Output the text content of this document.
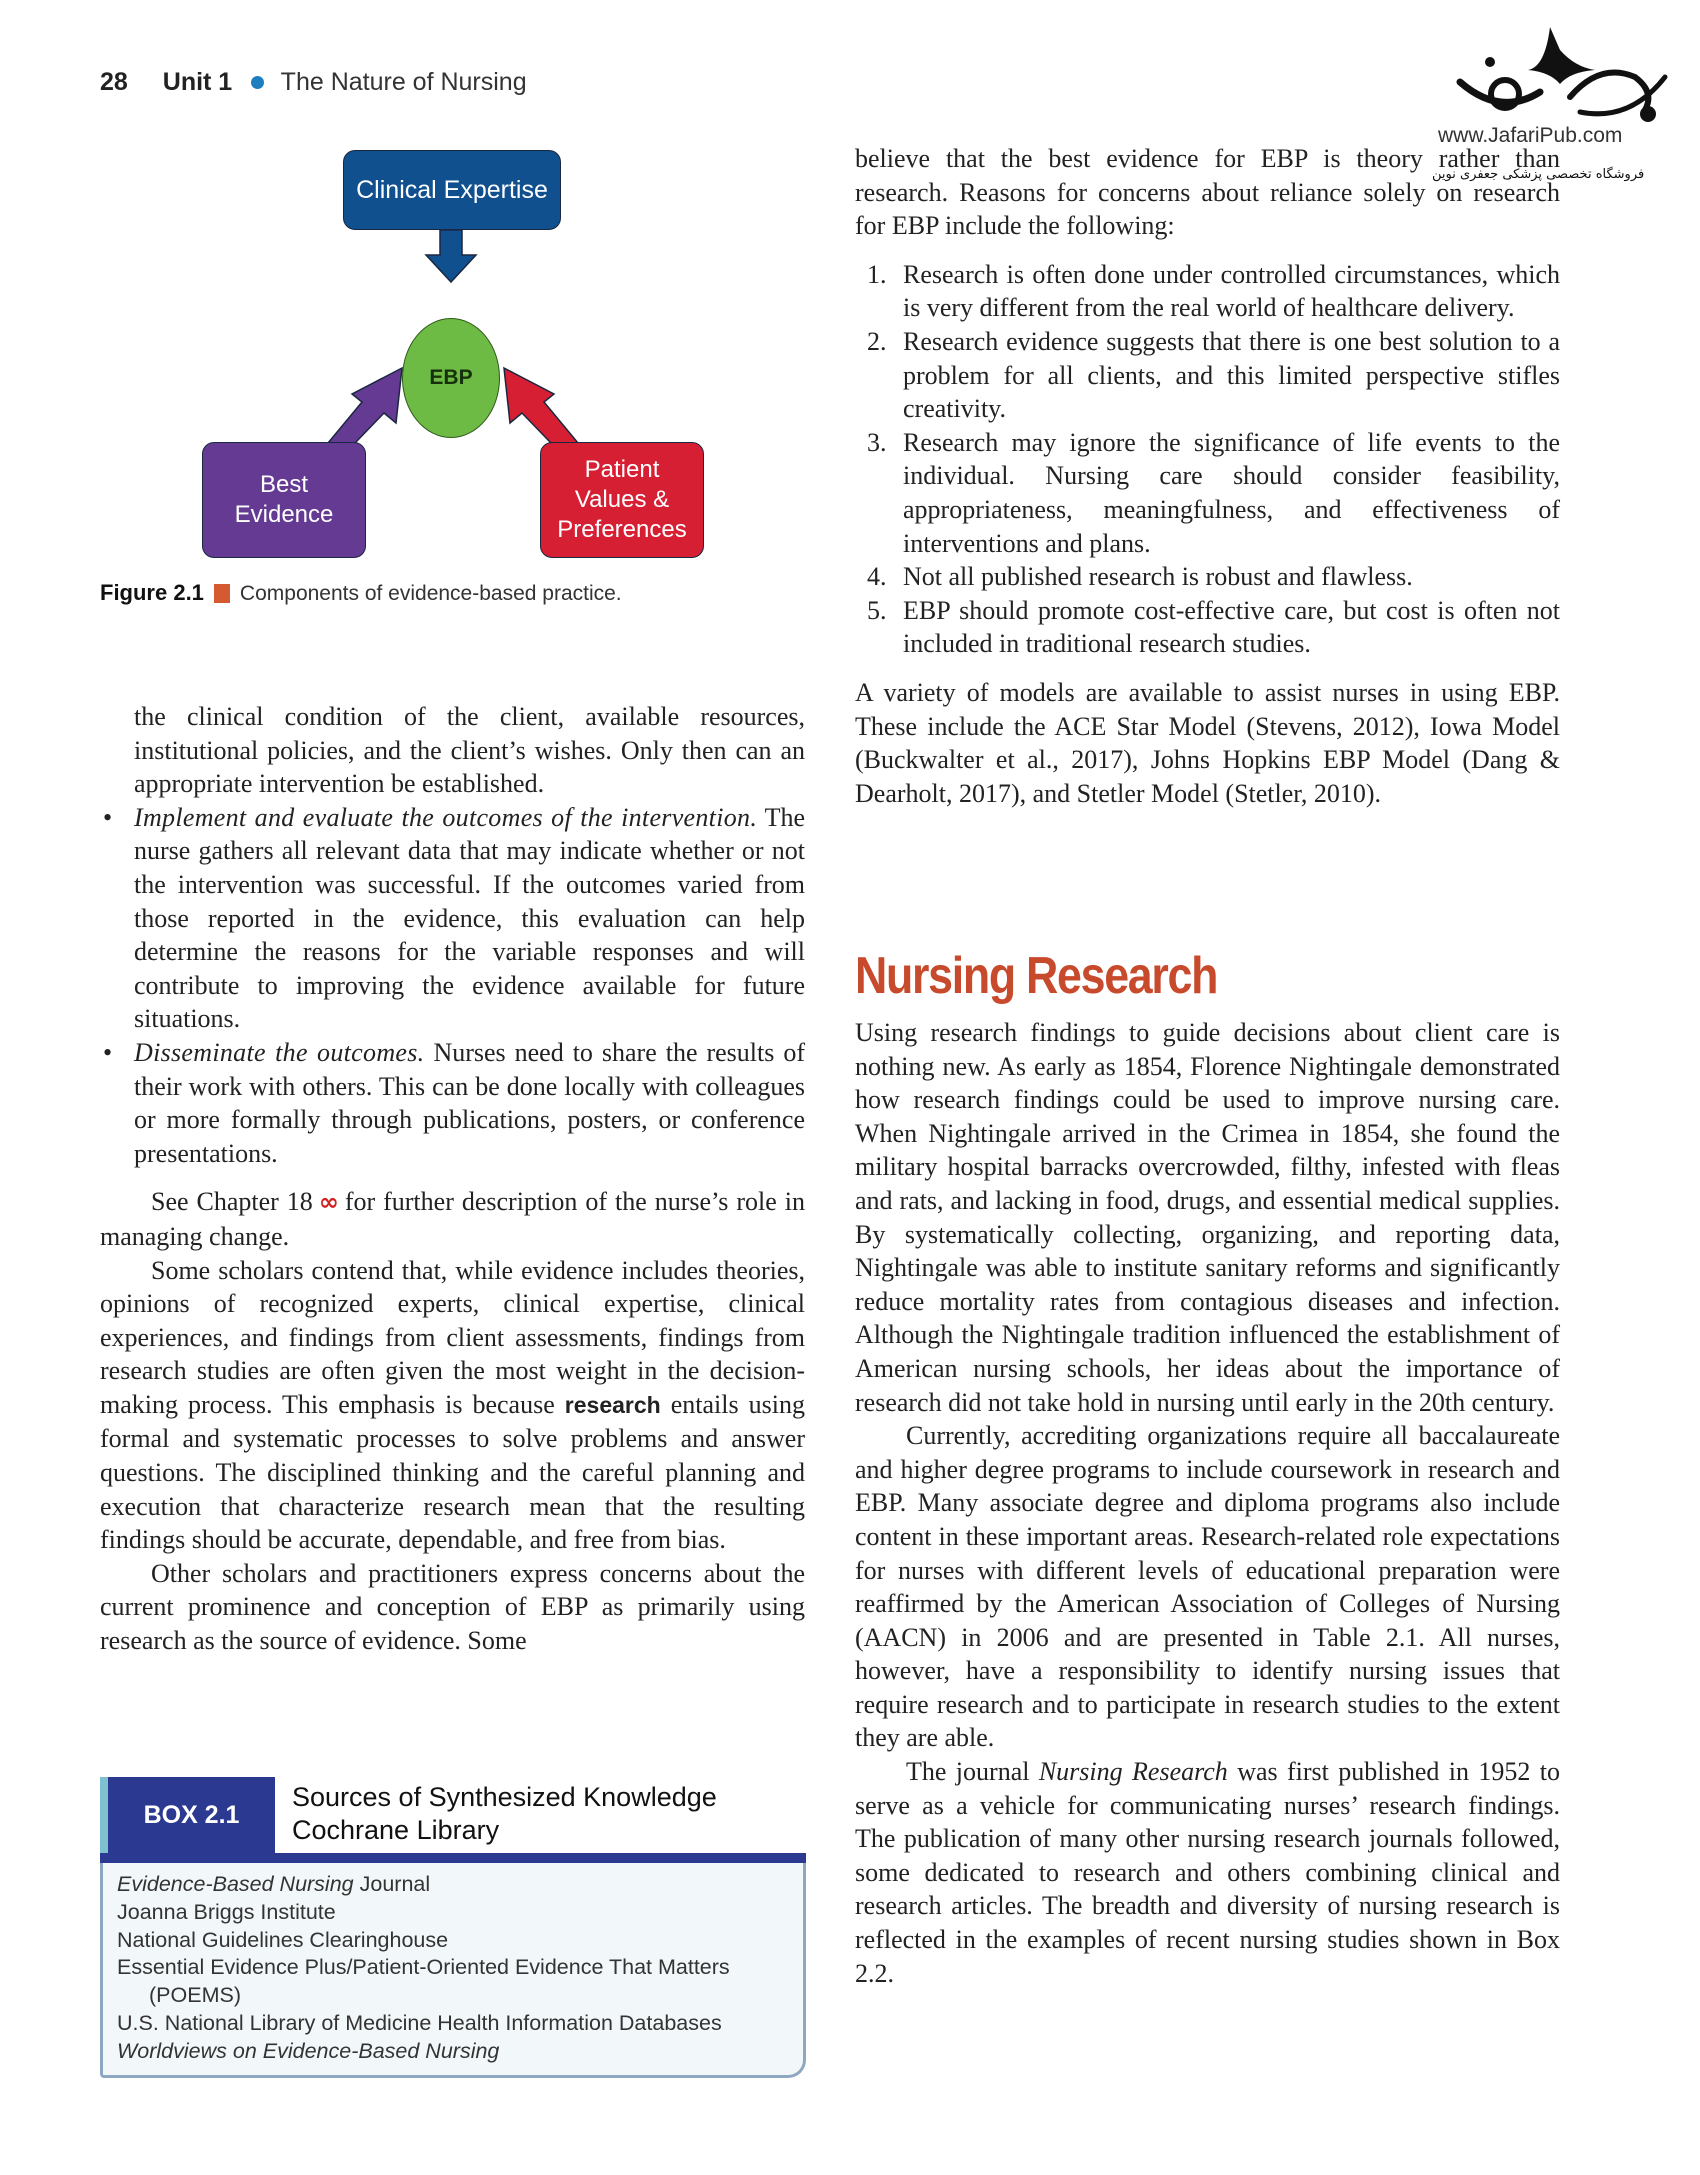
28 Unit 1 The Nature of Nursing
www.JafariPub.com
فروشگاه تخصصی پزشکی جعفری نوین
Clinical Expertise
EBP
Best
Evidence
Patient
Values &
Preferences
Figure 2.1 Components of evidence-based practice.
the clinical condition of the client, available resources, institutional policies, and the client’s wishes. Only then can an appropriate intervention be established.
• Implement and evaluate the outcomes of the intervention. The nurse gathers all relevant data that may indicate whether or not the intervention was successful. If the outcomes varied from those reported in the evidence, this evaluation can help determine the reasons for the variable responses and will contribute to improving the evidence available for future situations.
• Disseminate the outcomes. Nurses need to share the results of their work with others. This can be done locally with colleagues or more formally through publications, posters, or conference presentations.

See Chapter 18 ∞ for further description of the nurse’s role in managing change.

Some scholars contend that, while evidence includes theories, opinions of recognized experts, clinical expertise, clinical experiences, and findings from client assessments, findings from research studies are often given the most weight in the decision-making process. This emphasis is because research entails using formal and systematic processes to solve problems and answer questions. The disciplined thinking and the careful planning and execution that characterize research mean that the resulting findings should be accurate, dependable, and free from bias.

Other scholars and practitioners express concerns about the current prominence and conception of EBP as primarily using research as the source of evidence. Some

BOX 2.1
Sources of Synthesized Knowledge
Cochrane Library
Evidence-Based Nursing Journal
Joanna Briggs Institute
National Guidelines Clearinghouse
Essential Evidence Plus/Patient-Oriented Evidence That Matters
(POEMS)
U.S. National Library of Medicine Health Information Databases
Worldviews on Evidence-Based Nursing

believe that the best evidence for EBP is theory rather than research. Reasons for concerns about reliance solely on research for EBP include the following:

1. Research is often done under controlled circumstances, which is very different from the real world of healthcare delivery.
2. Research evidence suggests that there is one best solution to a problem for all clients, and this limited perspective stifles creativity.
3. Research may ignore the significance of life events to the individual. Nursing care should consider feasibility, appropriateness, meaningfulness, and effectiveness of interventions and plans.
4. Not all published research is robust and flawless.
5. EBP should promote cost-effective care, but cost is often not included in traditional research studies.

A variety of models are available to assist nurses in using EBP. These include the ACE Star Model (Stevens, 2012), Iowa Model (Buckwalter et al., 2017), Johns Hopkins EBP Model (Dang & Dearholt, 2017), and Stetler Model (Stetler, 2010).

Nursing Research

Using research findings to guide decisions about client care is nothing new. As early as 1854, Florence Nightingale demonstrated how research findings could be used to improve nursing care. When Nightingale arrived in the Crimea in 1854, she found the military hospital barracks overcrowded, filthy, infested with fleas and rats, and lacking in food, drugs, and essential medical supplies. By systematically collecting, organizing, and reporting data, Nightingale was able to institute sanitary reforms and significantly reduce mortality rates from contagious diseases and infection. Although the Nightingale tradition influenced the establishment of American nursing schools, her ideas about the importance of research did not take hold in nursing until early in the 20th century.

Currently, accrediting organizations require all baccalaureate and higher degree programs to include coursework in research and EBP. Many associate degree and diploma programs also include content in these important areas. Research-related role expectations for nurses with different levels of educational preparation were reaffirmed by the American Association of Colleges of Nursing (AACN) in 2006 and are presented in Table 2.1. All nurses, however, have a responsibility to identify nursing issues that require research and to participate in research studies to the extent they are able.

The journal Nursing Research was first published in 1952 to serve as a vehicle for communicating nurses’ research findings. The publication of many other nursing research journals followed, some dedicated to research and others combining clinical and research articles. The breadth and diversity of nursing research is reflected in the examples of recent nursing studies shown in Box 2.2.
